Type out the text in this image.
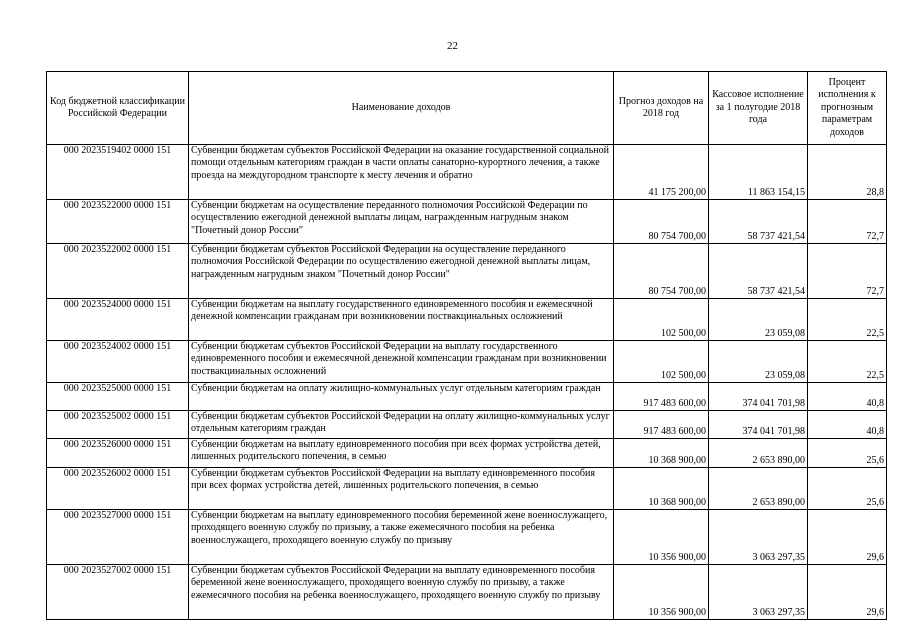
22
Код бюджетной классификации Российской Федерации	Наименование доходов	Прогноз доходов на 2018 год	Кассовое исполнение за 1 полугодие 2018 года	Процент исполнения к прогнозным параметрам доходов
000 2023519402 0000 151	Субвенции бюджетам субъектов Российской Федерации на оказание государственной социальной помощи отдельным категориям граждан в части оплаты санаторно-курортного лечения, а также проезда на междугородном транспорте к месту лечения и обратно	41 175 200,00	11 863 154,15	28,8
000 2023522000 0000 151	Субвенции бюджетам на осуществление переданного полномочия Российской Федерации по осуществлению ежегодной денежной выплаты лицам, награжденным нагрудным знаком "Почетный донор России"	80 754 700,00	58 737 421,54	72,7
000 2023522002 0000 151	Субвенции бюджетам субъектов Российской Федерации на осуществление переданного полномочия Российской Федерации по осуществлению ежегодной денежной выплаты лицам, награжденным нагрудным знаком "Почетный донор России"	80 754 700,00	58 737 421,54	72,7
000 2023524000 0000 151	Субвенции бюджетам на выплату государственного единовременного пособия и ежемесячной денежной компенсации гражданам при возникновении поствакцинальных осложнений	102 500,00	23 059,08	22,5
000 2023524002 0000 151	Субвенции бюджетам субъектов Российской Федерации на выплату государственного единовременного пособия и ежемесячной денежной компенсации гражданам при возникновении поствакцинальных осложнений	102 500,00	23 059,08	22,5
000 2023525000 0000 151	Субвенции бюджетам на оплату жилищно-коммунальных услуг отдельным категориям граждан	917 483 600,00	374 041 701,98	40,8
000 2023525002 0000 151	Субвенции бюджетам субъектов Российской Федерации на оплату жилищно-коммунальных услуг отдельным категориям граждан	917 483 600,00	374 041 701,98	40,8
000 2023526000 0000 151	Субвенции бюджетам на выплату единовременного пособия при всех формах устройства детей, лишенных родительского попечения, в семью	10 368 900,00	2 653 890,00	25,6
000 2023526002 0000 151	Субвенции бюджетам субъектов Российской Федерации на выплату единовременного пособия при всех формах устройства детей, лишенных родительского попечения, в семью	10 368 900,00	2 653 890,00	25,6
000 2023527000 0000 151	Субвенции бюджетам на выплату единовременного пособия беременной жене военнослужащего, проходящего военную службу по призыву, а также ежемесячного пособия на ребенка военнослужащего, проходящего военную службу по призыву	10 356 900,00	3 063 297,35	29,6
000 2023527002 0000 151	Субвенции бюджетам субъектов Российской Федерации на выплату единовременного пособия беременной жене военнослужащего, проходящего военную службу по призыву, а также ежемесячного пособия на ребенка военнослужащего, проходящего военную службу по призыву	10 356 900,00	3 063 297,35	29,6
